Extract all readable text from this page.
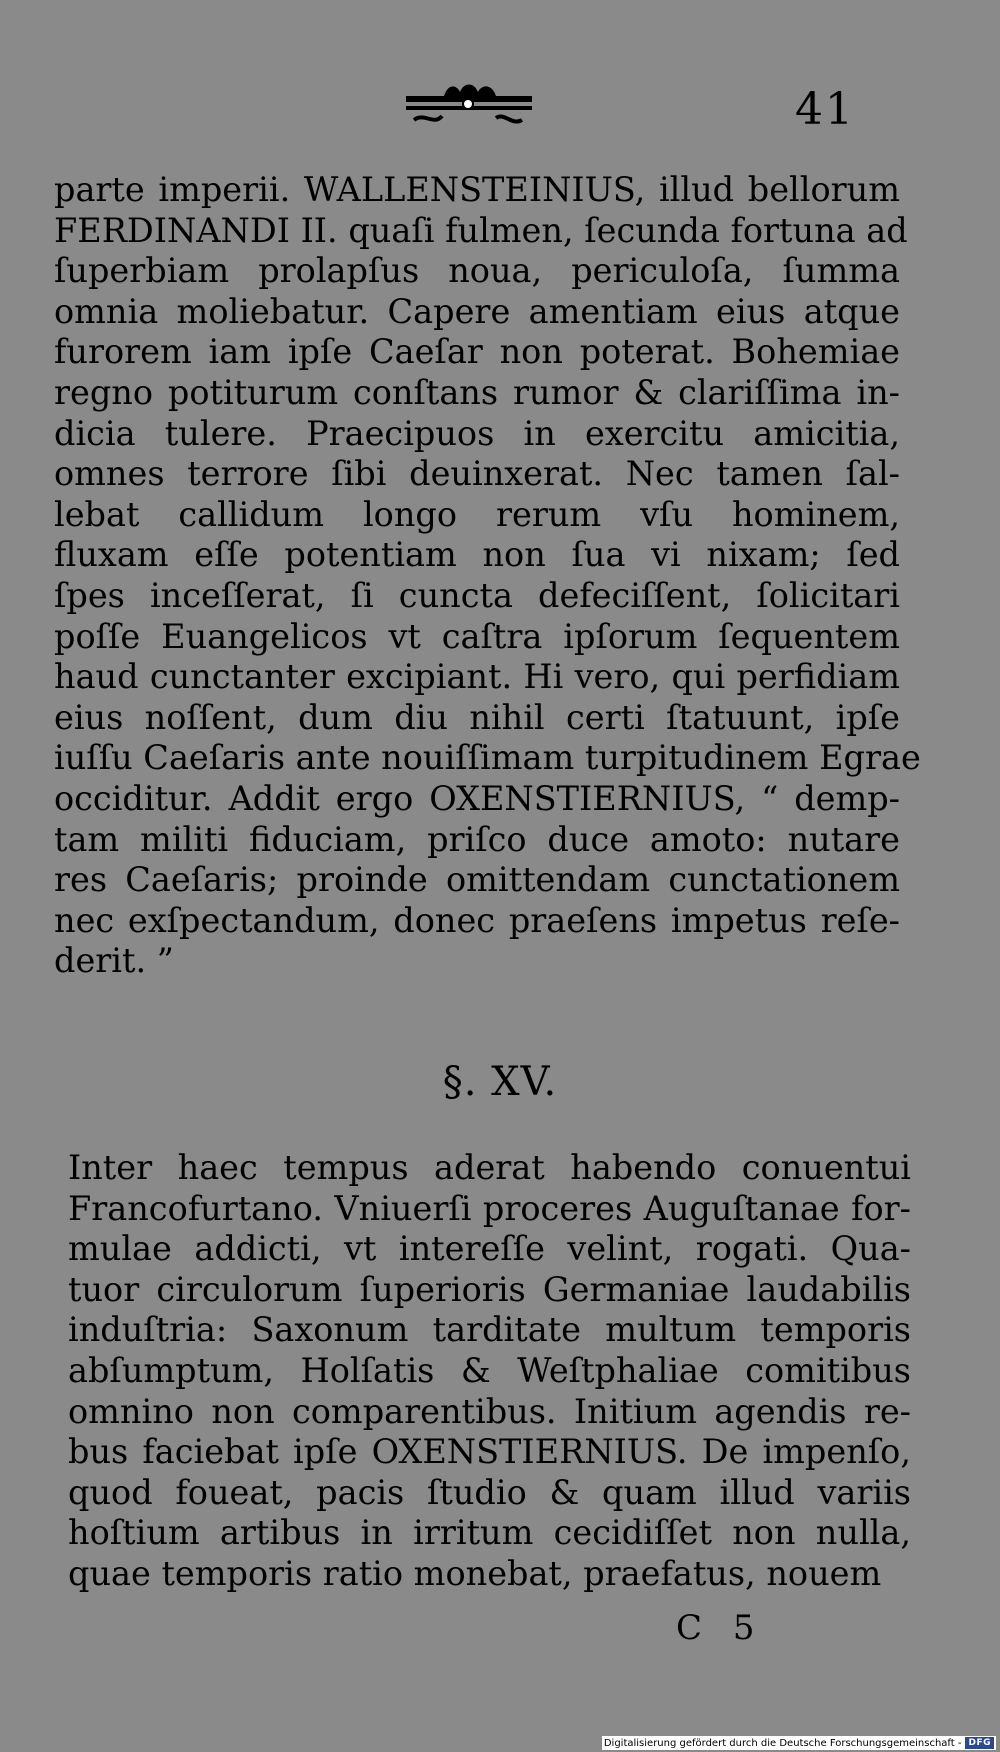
41
parte imperii. WALLENSTEINIUS, illud bellorum
FERDINANDI II. quaſi fulmen, ſecunda fortuna ad
ſuperbiam prolapſus noua, periculoſa, ſumma
omnia moliebatur. Capere amentiam eius atque
furorem iam ipſe Caeſar non poterat. Bohemiae
regno potiturum conſtans rumor & clariſſima in-
dicia tulere. Praecipuos in exercitu amicitia,
omnes terrore ſibi deuinxerat. Nec tamen ſal-
lebat callidum longo rerum vſu hominem,
fluxam eſſe potentiam non ſua vi nixam; ſed
ſpes inceſſerat, ſi cuncta defeciſſent, ſolicitari
poſſe Euangelicos vt caſtra ipſorum ſequentem
haud cunctanter excipiant. Hi vero, qui perfidiam
eius noſſent, dum diu nihil certi ſtatuunt, ipſe
iuſſu Caeſaris ante nouiſſimam turpitudinem Egrae
occiditur. Addit ergo OXENSTIERNIUS, “ demp-
tam militi fiduciam, priſco duce amoto: nutare
res Caeſaris; proinde omittendam cunctationem
nec exſpectandum, donec praeſens impetus reſe-
derit. ”
§. XV.
Inter haec tempus aderat habendo conuentui
Francofurtano. Vniuerſi proceres Auguſtanae for-
mulae addicti, vt intereſſe velint, rogati. Qua-
tuor circulorum ſuperioris Germaniae laudabilis
induſtria: Saxonum tarditate multum temporis
abſumptum, Holſatis & Weſtphaliae comitibus
omnino non comparentibus. Initium agendis re-
bus faciebat ipſe OXENSTIERNIUS. De impenſo,
quod foueat, pacis ſtudio & quam illud variis
hoſtium artibus in irritum cecidiſſet non nulla,
quae temporis ratio monebat, praefatus, nouem
C 5
Digitalisierung gefördert durch die Deutsche Forschungsgemeinschaft - DFG
